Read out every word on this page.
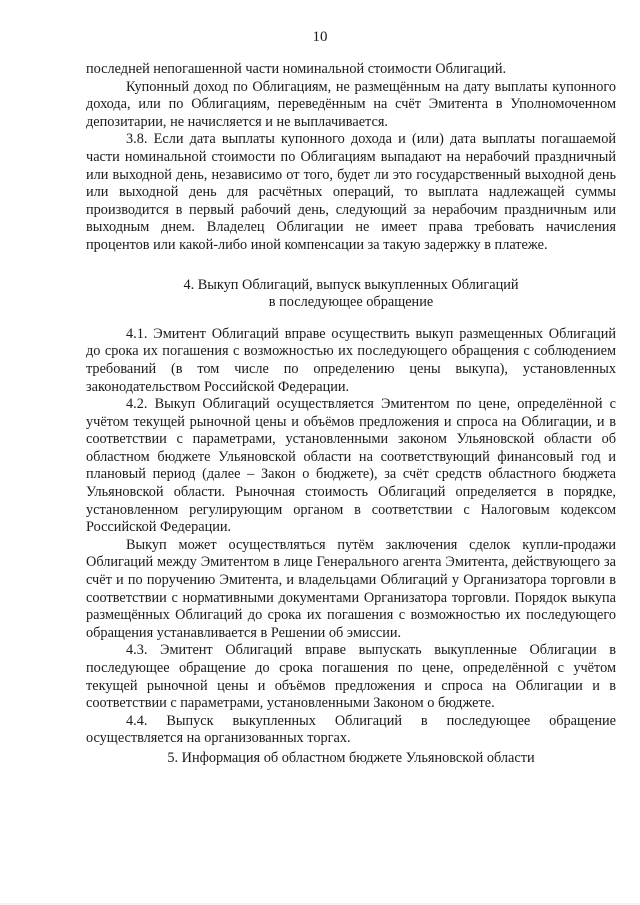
10

последней непогашенной части номинальной стоимости Облигаций.

Купонный доход по Облигациям, не размещённым на дату выплаты купонного дохода, или по Облигациям, переведённым на счёт Эмитента в Уполномоченном депозитарии, не начисляется и не выплачивается.

3.8. Если дата выплаты купонного дохода и (или) дата выплаты погашаемой части номинальной стоимости по Облигациям выпадают на нерабочий праздничный или выходной день, независимо от того, будет ли это государственный выходной день или выходной день для расчётных операций, то выплата надлежащей суммы производится в первый рабочий день, следующий за нерабочим праздничным или выходным днем. Владелец Облигации не имеет права требовать начисления процентов или какой-либо иной компенсации за такую задержку в платеже.

4. Выкуп Облигаций, выпуск выкупленных Облигаций
в последующее обращение

4.1. Эмитент Облигаций вправе осуществить выкуп размещенных Облигаций до срока их погашения с возможностью их последующего обращения с соблюдением требований (в том числе по определению цены выкупа), установленных законодательством Российской Федерации.

4.2. Выкуп Облигаций осуществляется Эмитентом по цене, определённой с учётом текущей рыночной цены и объёмов предложения и спроса на Облигации, и в соответствии с параметрами, установленными законом Ульяновской области об областном бюджете Ульяновской области на соответствующий финансовый год и плановый период (далее – Закон о бюджете), за счёт средств областного бюджета Ульяновской области. Рыночная стоимость Облигаций определяется в порядке, установленном регулирующим органом в соответствии с Налоговым кодексом Российской Федерации.

Выкуп может осуществляться путём заключения сделок купли-продажи Облигаций между Эмитентом в лице Генерального агента Эмитента, действующего за счёт и по поручению Эмитента, и владельцами Облигаций у Организатора торговли в соответствии с нормативными документами Организатора торговли. Порядок выкупа размещённых Облигаций до срока их погашения с возможностью их последующего обращения устанавливается в Решении об эмиссии.

4.3. Эмитент Облигаций вправе выпускать выкупленные Облигации в последующее обращение до срока погашения по цене, определённой с учётом текущей рыночной цены и объёмов предложения и спроса на Облигации и в соответствии с параметрами, установленными Законом о бюджете.

4.4. Выпуск выкупленных Облигаций в последующее обращение осуществляется на организованных торгах.

5. Информация об областном бюджете Ульяновской области
